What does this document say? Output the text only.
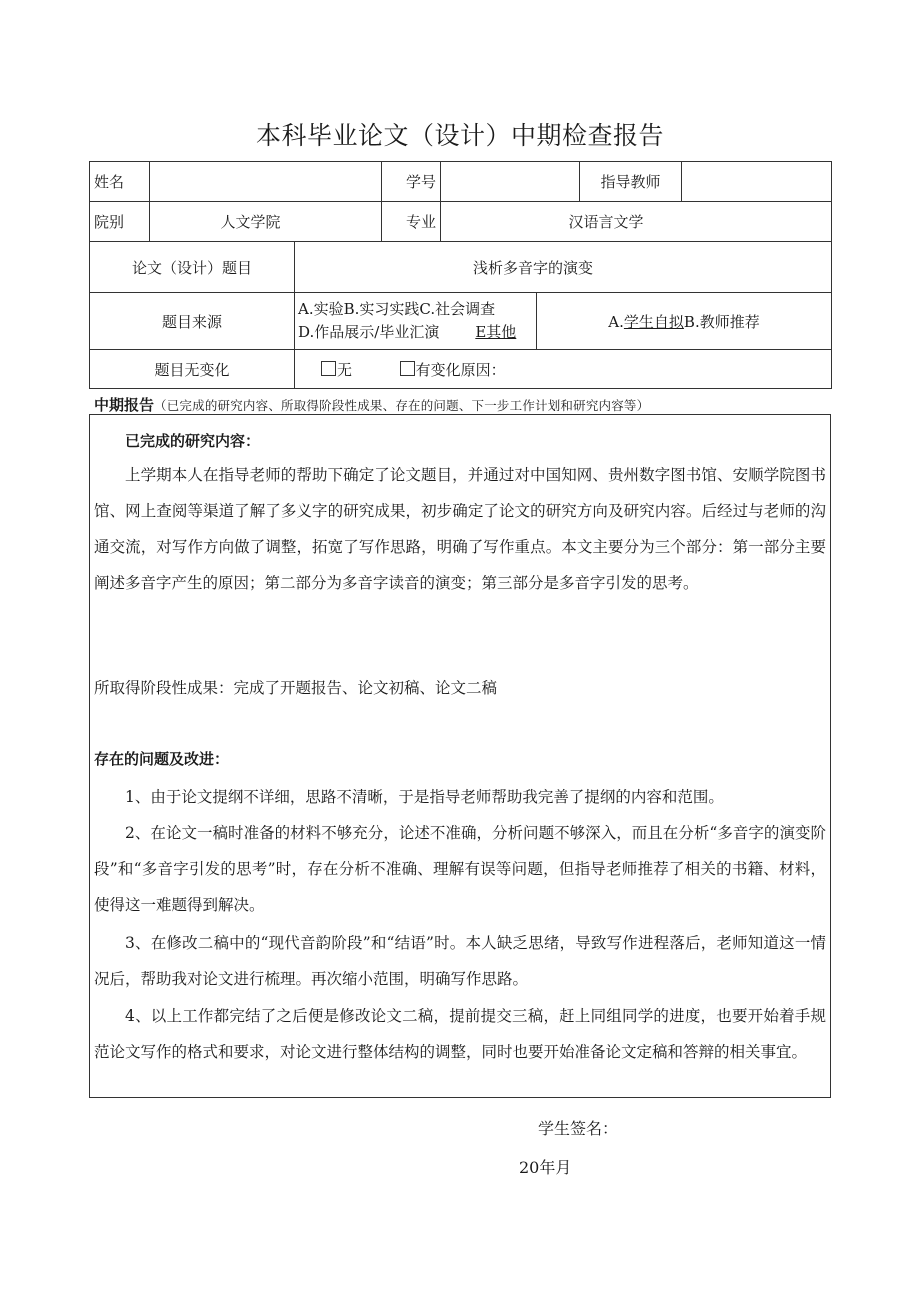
本科毕业论文（设计）中期检查报告
姓名			学号			指导教师	
院别	人文学院		专业	汉语言文学			
论文（设计）题目		浅析多音字的演变					
题目来源		A.实验B.实习实践C.社会调查
D.作品展示/毕业汇演 E其他			A.学生自拟B.教师推荐		
题目无变化		无 有变化原因：					
中期报告（已完成的研究内容、所取得阶段性成果、存在的问题、下一步工作计划和研究内容等）
已完成的研究内容：
上学期本人在指导老师的帮助下确定了论文题目，并通过对中国知网、贵州数字图书馆、安顺学院图书馆、网上查阅等渠道了解了多义字的研究成果，初步确定了论文的研究方向及研究内容。后经过与老师的沟通交流，对写作方向做了调整，拓宽了写作思路，明确了写作重点。本文主要分为三个部分：第一部分主要阐述多音字产生的原因；第二部分为多音字读音的演变；第三部分是多音字引发的思考。
所取得阶段性成果：完成了开题报告、论文初稿、论文二稿
存在的问题及改进：
1、由于论文提纲不详细，思路不清晰，于是指导老师帮助我完善了提纲的内容和范围。
2、在论文一稿时准备的材料不够充分，论述不准确，分析问题不够深入，而且在分析“多音字的演变阶段”和“多音字引发的思考”时，存在分析不准确、理解有误等问题，但指导老师推荐了相关的书籍、材料，使得这一难题得到解决。
3、在修改二稿中的“现代音韵阶段”和“结语”时。本人缺乏思绪，导致写作进程落后，老师知道这一情况后，帮助我对论文进行梳理。再次缩小范围，明确写作思路。
4、以上工作都完结了之后便是修改论文二稿，提前提交三稿，赶上同组同学的进度，也要开始着手规范论文写作的格式和要求，对论文进行整体结构的调整，同时也要开始准备论文定稿和答辩的相关事宜。
学生签名：
20年月
